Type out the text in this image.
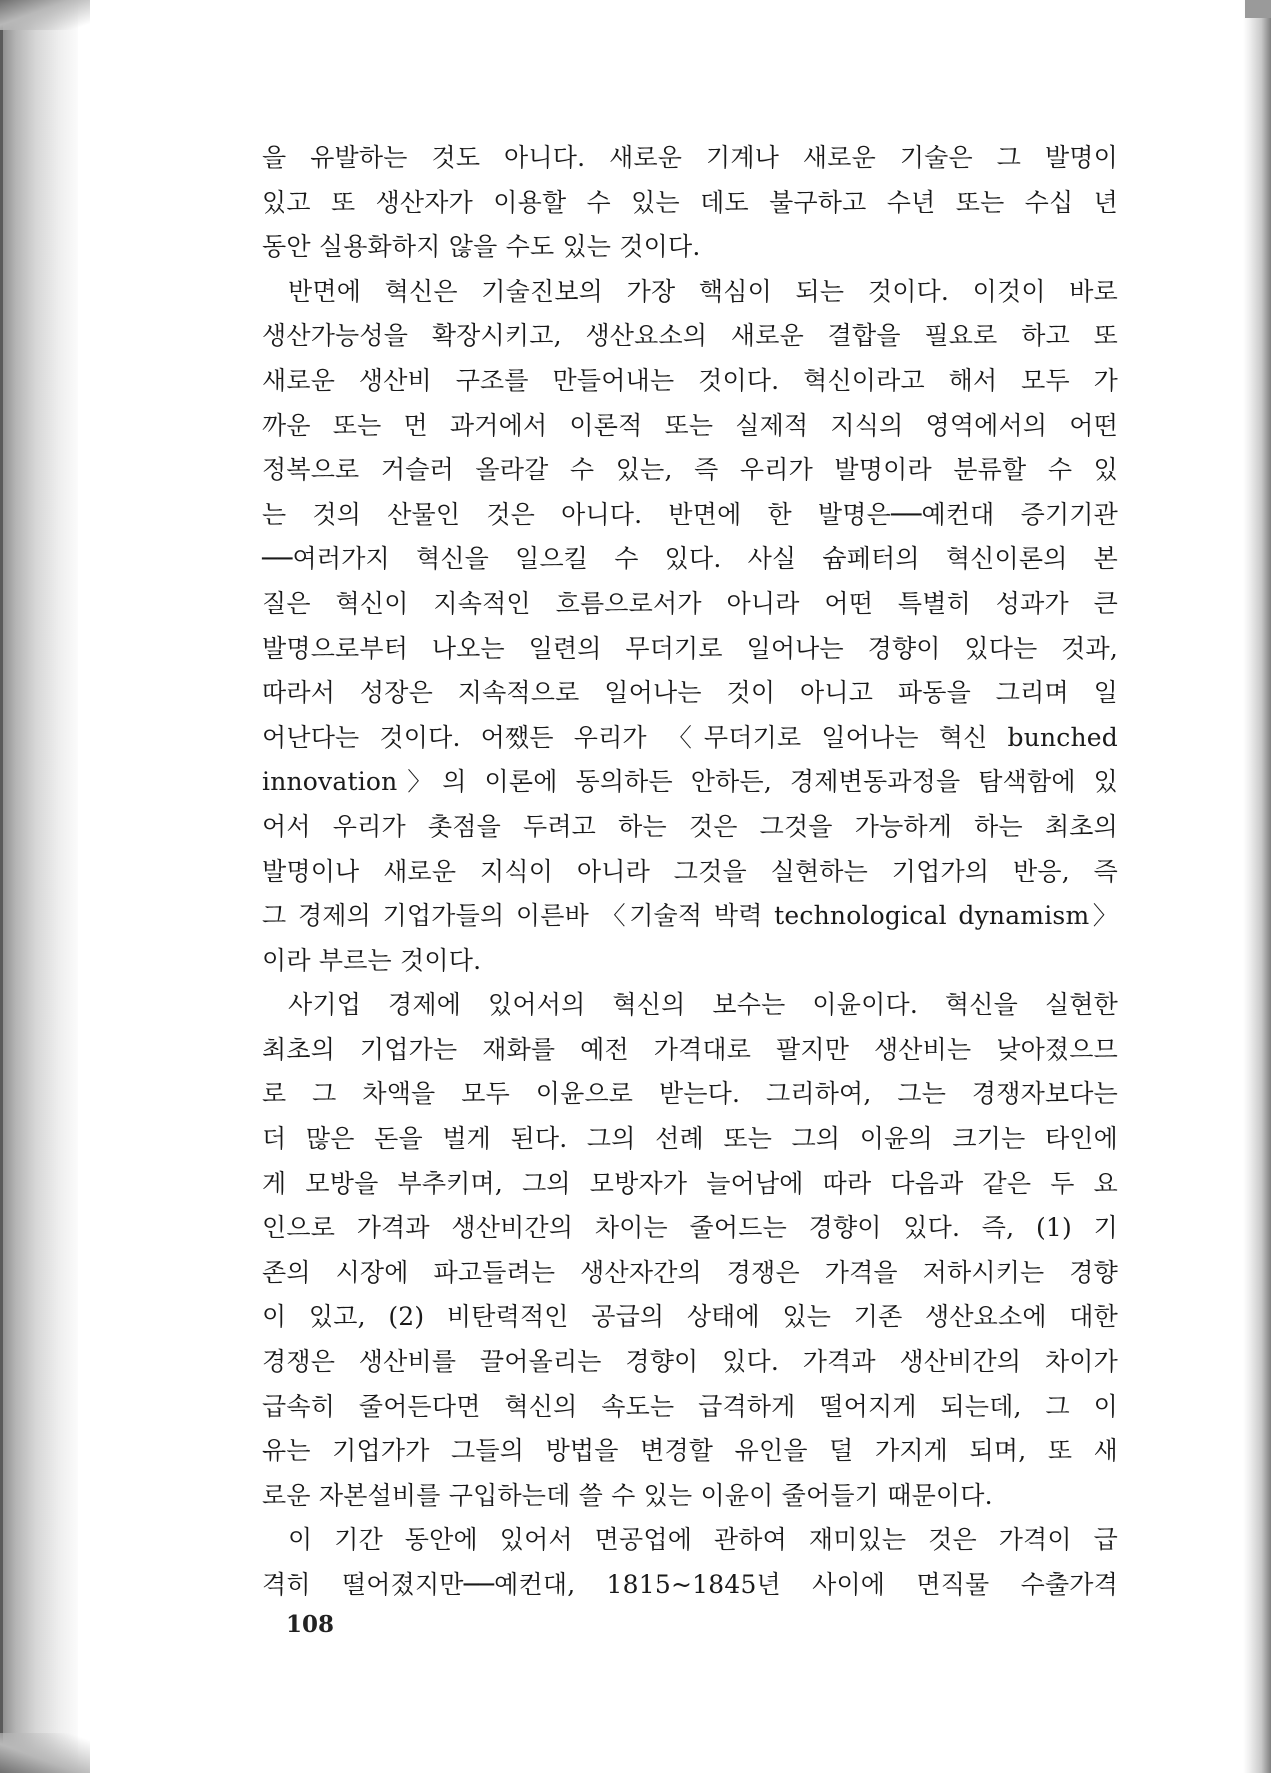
을 유발하는 것도 아니다. 새로운 기계나 새로운 기술은 그 발명이
있고 또 생산자가 이용할 수 있는 데도 불구하고 수년 또는 수십 년
동안 실용화하지 않을 수도 있는 것이다.
반면에 혁신은 기술진보의 가장 핵심이 되는 것이다. 이것이 바로
생산가능성을 확장시키고, 생산요소의 새로운 결합을 필요로 하고 또
새로운 생산비 구조를 만들어내는 것이다. 혁신이라고 해서 모두 가
까운 또는 먼 과거에서 이론적 또는 실제적 지식의 영역에서의 어떤
정복으로 거슬러 올라갈 수 있는, 즉 우리가 발명이라 분류할 수 있
는 것의 산물인 것은 아니다. 반면에 한 발명은──예컨대 증기기관
──여러가지 혁신을 일으킬 수 있다. 사실 슘페터의 혁신이론의 본
질은 혁신이 지속적인 흐름으로서가 아니라 어떤 특별히 성과가 큰
발명으로부터 나오는 일련의 무더기로 일어나는 경향이 있다는 것과,
따라서 성장은 지속적으로 일어나는 것이 아니고 파동을 그리며 일
어난다는 것이다. 어쨌든 우리가 〈무더기로 일어나는 혁신 bunched
innovation〉의 이론에 동의하든 안하든, 경제변동과정을 탐색함에 있
어서 우리가 촛점을 두려고 하는 것은 그것을 가능하게 하는 최초의
발명이나 새로운 지식이 아니라 그것을 실현하는 기업가의 반응, 즉
그 경제의 기업가들의 이른바 〈기술적 박력 technological dynamism〉
이라 부르는 것이다.
사기업 경제에 있어서의 혁신의 보수는 이윤이다. 혁신을 실현한
최초의 기업가는 재화를 예전 가격대로 팔지만 생산비는 낮아졌으므
로 그 차액을 모두 이윤으로 받는다. 그리하여, 그는 경쟁자보다는
더 많은 돈을 벌게 된다. 그의 선례 또는 그의 이윤의 크기는 타인에
게 모방을 부추키며, 그의 모방자가 늘어남에 따라 다음과 같은 두 요
인으로 가격과 생산비간의 차이는 줄어드는 경향이 있다. 즉, (1) 기
존의 시장에 파고들려는 생산자간의 경쟁은 가격을 저하시키는 경향
이 있고, (2) 비탄력적인 공급의 상태에 있는 기존 생산요소에 대한
경쟁은 생산비를 끌어올리는 경향이 있다. 가격과 생산비간의 차이가
급속히 줄어든다면 혁신의 속도는 급격하게 떨어지게 되는데, 그 이
유는 기업가가 그들의 방법을 변경할 유인을 덜 가지게 되며, 또 새
로운 자본설비를 구입하는데 쓸 수 있는 이윤이 줄어들기 때문이다.
이 기간 동안에 있어서 면공업에 관하여 재미있는 것은 가격이 급
격히 떨어졌지만──예컨대, 1815~1845년 사이에 면직물 수출가격
108
